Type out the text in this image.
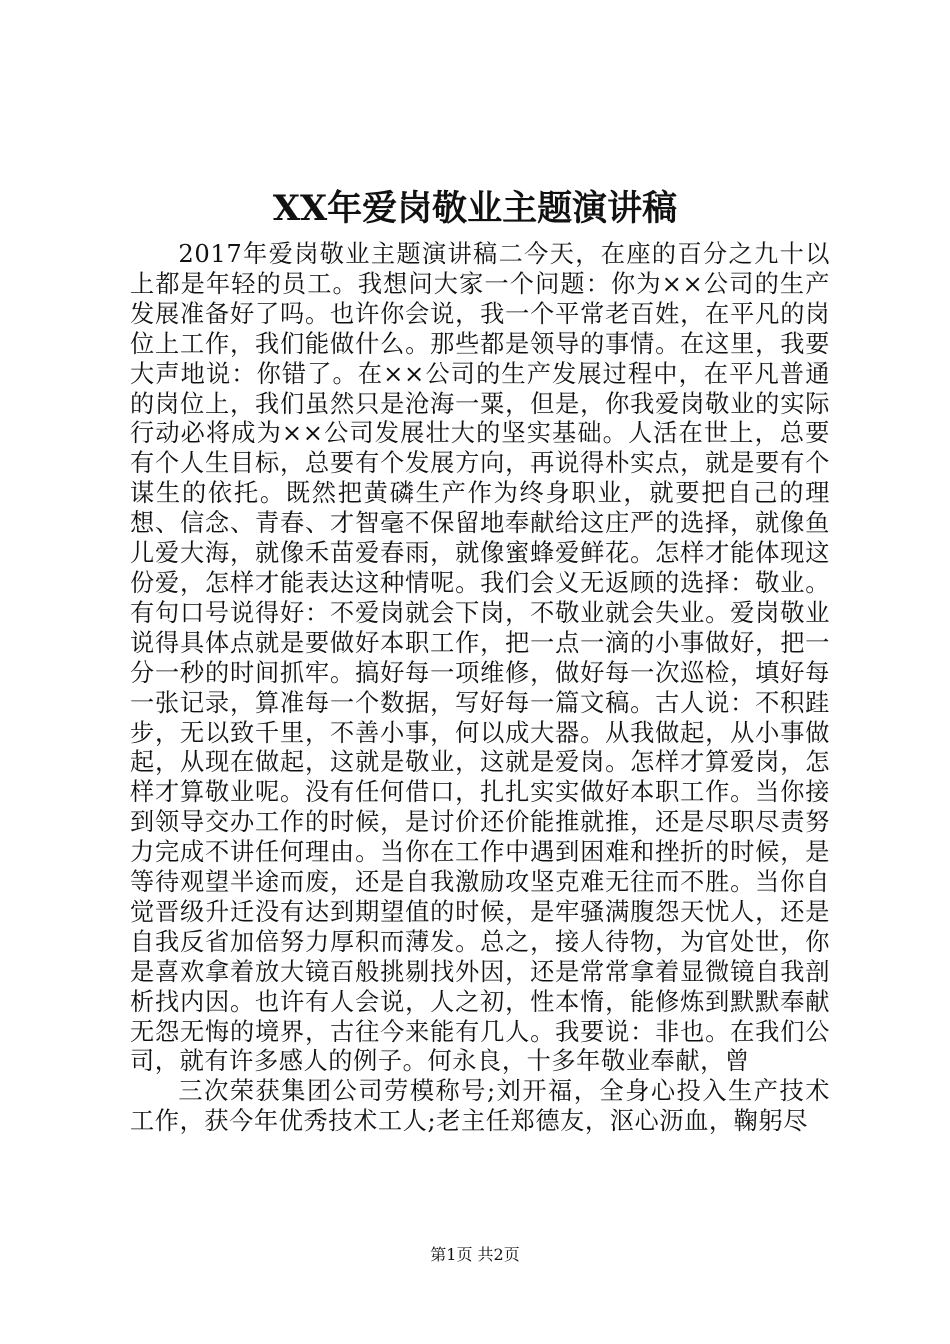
XX年爱岗敬业主题演讲稿

2017年爱岗敬业主题演讲稿二今天，在座的百分之九十以上都是年轻的员工。我想问大家一个问题：你为××公司的生产发展准备好了吗。也许你会说，我一个平常老百姓，在平凡的岗位上工作，我们能做什么。那些都是领导的事情。在这里，我要大声地说：你错了。在××公司的生产发展过程中，在平凡普通的岗位上，我们虽然只是沧海一粟，但是，你我爱岗敬业的实际行动必将成为××公司发展壮大的坚实基础。人活在世上，总要有个人生目标，总要有个发展方向，再说得朴实点，就是要有个谋生的依托。既然把黄磷生产作为终身职业，就要把自己的理想、信念、青春、才智毫不保留地奉献给这庄严的选择，就像鱼儿爱大海，就像禾苗爱春雨，就像蜜蜂爱鲜花。怎样才能体现这份爱，怎样才能表达这种情呢。我们会义无返顾的选择：敬业。有句口号说得好：不爱岗就会下岗，不敬业就会失业。爱岗敬业说得具体点就是要做好本职工作，把一点一滴的小事做好，把一分一秒的时间抓牢。搞好每一项维修，做好每一次巡检，填好每一张记录，算准每一个数据，写好每一篇文稿。古人说：不积跬步，无以致千里，不善小事，何以成大器。从我做起，从小事做起，从现在做起，这就是敬业，这就是爱岗。怎样才算爱岗，怎样才算敬业呢。没有任何借口，扎扎实实做好本职工作。当你接到领导交办工作的时候，是讨价还价能推就推，还是尽职尽责努力完成不讲任何理由。当你在工作中遇到困难和挫折的时候，是等待观望半途而废，还是自我激励攻坚克难无往而不胜。当你自觉晋级升迁没有达到期望值的时候，是牢骚满腹怨天忧人，还是自我反省加倍努力厚积而薄发。总之，接人待物，为官处世，你是喜欢拿着放大镜百般挑剔找外因，还是常常拿着显微镜自我剖析找内因。也许有人会说，人之初，性本惰，能修炼到默默奉献无怨无悔的境界，古往今来能有几人。我要说：非也。在我们公司，就有许多感人的例子。何永良，十多年敬业奉献，曾

三次荣获集团公司劳模称号;刘开福，全身心投入生产技术工作，获今年优秀技术工人;老主任郑德友，沤心沥血，鞠躬尽

第1页 共2页
